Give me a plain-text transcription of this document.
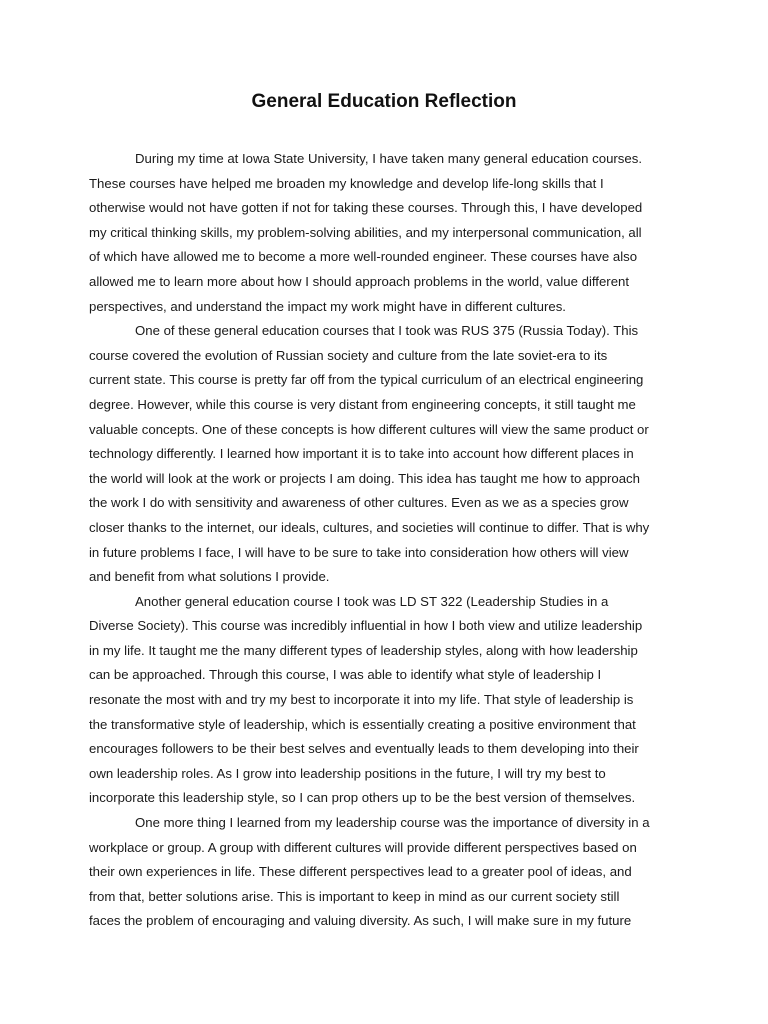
General Education Reflection
During my time at Iowa State University, I have taken many general education courses.
These courses have helped me broaden my knowledge and develop life-long skills that I
otherwise would not have gotten if not for taking these courses. Through this, I have developed
my critical thinking skills, my problem-solving abilities, and my interpersonal communication, all
of which have allowed me to become a more well-rounded engineer. These courses have also
allowed me to learn more about how I should approach problems in the world, value different
perspectives, and understand the impact my work might have in different cultures.
One of these general education courses that I took was RUS 375 (Russia Today). This
course covered the evolution of Russian society and culture from the late soviet-era to its
current state. This course is pretty far off from the typical curriculum of an electrical engineering
degree. However, while this course is very distant from engineering concepts, it still taught me
valuable concepts. One of these concepts is how different cultures will view the same product or
technology differently. I learned how important it is to take into account how different places in
the world will look at the work or projects I am doing. This idea has taught me how to approach
the work I do with sensitivity and awareness of other cultures. Even as we as a species grow
closer thanks to the internet, our ideals, cultures, and societies will continue to differ. That is why
in future problems I face, I will have to be sure to take into consideration how others will view
and benefit from what solutions I provide.
Another general education course I took was LD ST 322 (Leadership Studies in a
Diverse Society). This course was incredibly influential in how I both view and utilize leadership
in my life. It taught me the many different types of leadership styles, along with how leadership
can be approached. Through this course, I was able to identify what style of leadership I
resonate the most with and try my best to incorporate it into my life. That style of leadership is
the transformative style of leadership, which is essentially creating a positive environment that
encourages followers to be their best selves and eventually leads to them developing into their
own leadership roles. As I grow into leadership positions in the future, I will try my best to
incorporate this leadership style, so I can prop others up to be the best version of themselves.
One more thing I learned from my leadership course was the importance of diversity in a
workplace or group. A group with different cultures will provide different perspectives based on
their own experiences in life. These different perspectives lead to a greater pool of ideas, and
from that, better solutions arise. This is important to keep in mind as our current society still
faces the problem of encouraging and valuing diversity. As such, I will make sure in my future
